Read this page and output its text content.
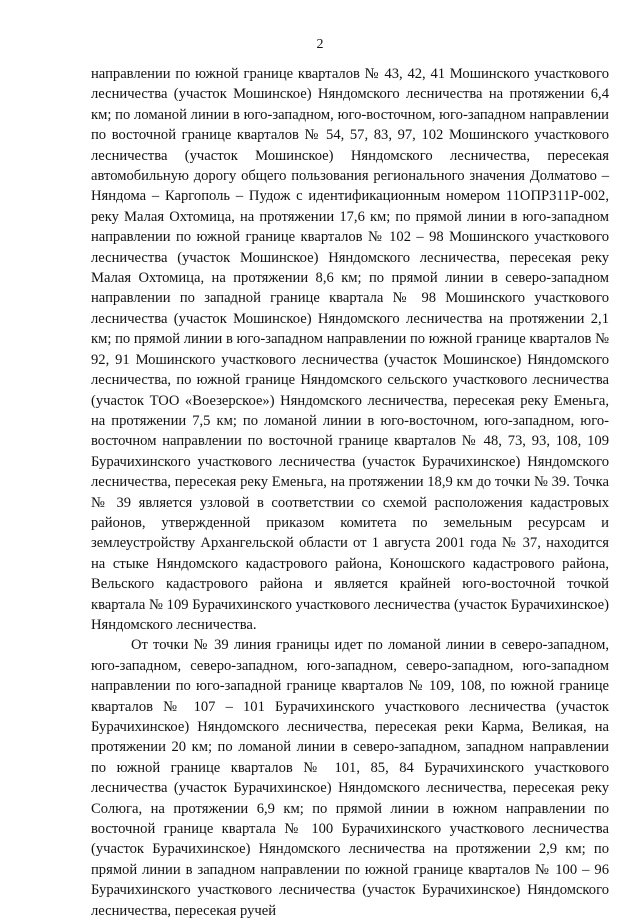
2

направлении по южной границе кварталов № 43, 42, 41 Мошинского участкового лесничества (участок Мошинское) Няндомского лесничества на протяжении 6,4 км; по ломаной линии в юго-западном, юго-восточном, юго-западном направлении по восточной границе кварталов № 54, 57, 83, 97, 102 Мошинского участкового лесничества (участок Мошинское) Няндомского лесничества, пересекая автомобильную дорогу общего пользования регионального значения Долматово – Няндома – Каргополь – Пудож с идентификационным номером 11ОПР311Р-002, реку Малая Охтомица, на протяжении 17,6 км; по прямой линии в юго-западном направлении по южной границе кварталов № 102 – 98 Мошинского участкового лесничества (участок Мошинское) Няндомского лесничества, пересекая реку Малая Охтомица, на протяжении 8,6 км; по прямой линии в северо-западном направлении по западной границе квартала № 98 Мошинского участкового лесничества (участок Мошинское) Няндомского лесничества на протяжении 2,1 км; по прямой линии в юго-западном направлении по южной границе кварталов № 92, 91 Мошинского участкового лесничества (участок Мошинское) Няндомского лесничества, по южной границе Няндомского сельского участкового лесничества (участок ТОО «Воезерское») Няндомского лесничества, пересекая реку Еменьга, на протяжении 7,5 км; по ломаной линии в юго-восточном, юго-западном, юго-восточном направлении по восточной границе кварталов № 48, 73, 93, 108, 109 Бурачихинского участкового лесничества (участок Бурачихинское) Няндомского лесничества, пересекая реку Еменьга, на протяжении 18,9 км до точки № 39. Точка № 39 является узловой в соответствии со схемой расположения кадастровых районов, утвержденной приказом комитета по земельным ресурсам и землеустройству Архангельской области от 1 августа 2001 года № 37, находится на стыке Няндомского кадастрового района, Коношского кадастрового района, Вельского кадастрового района и является крайней юго-восточной точкой квартала № 109 Бурачихинского участкового лесничества (участок Бурачихинское) Няндомского лесничества.

От точки № 39 линия границы идет по ломаной линии в северо-западном, юго-западном, северо-западном, юго-западном, северо-западном, юго-западном направлении по юго-западной границе кварталов № 109, 108, по южной границе кварталов № 107 – 101 Бурачихинского участкового лесничества (участок Бурачихинское) Няндомского лесничества, пересекая реки Карма, Великая, на протяжении 20 км; по ломаной линии в северо-западном, западном направлении по южной границе кварталов № 101, 85, 84 Бурачихинского участкового лесничества (участок Бурачихинское) Няндомского лесничества, пересекая реку Солюга, на протяжении 6,9 км; по прямой линии в южном направлении по восточной границе квартала № 100 Бурачихинского участкового лесничества (участок Бурачихинское) Няндомского лесничества на протяжении 2,9 км; по прямой линии в западном направлении по южной границе кварталов № 100 – 96 Бурачихинского участкового лесничества (участок Бурачихинское) Няндомского лесничества, пересекая ручей
